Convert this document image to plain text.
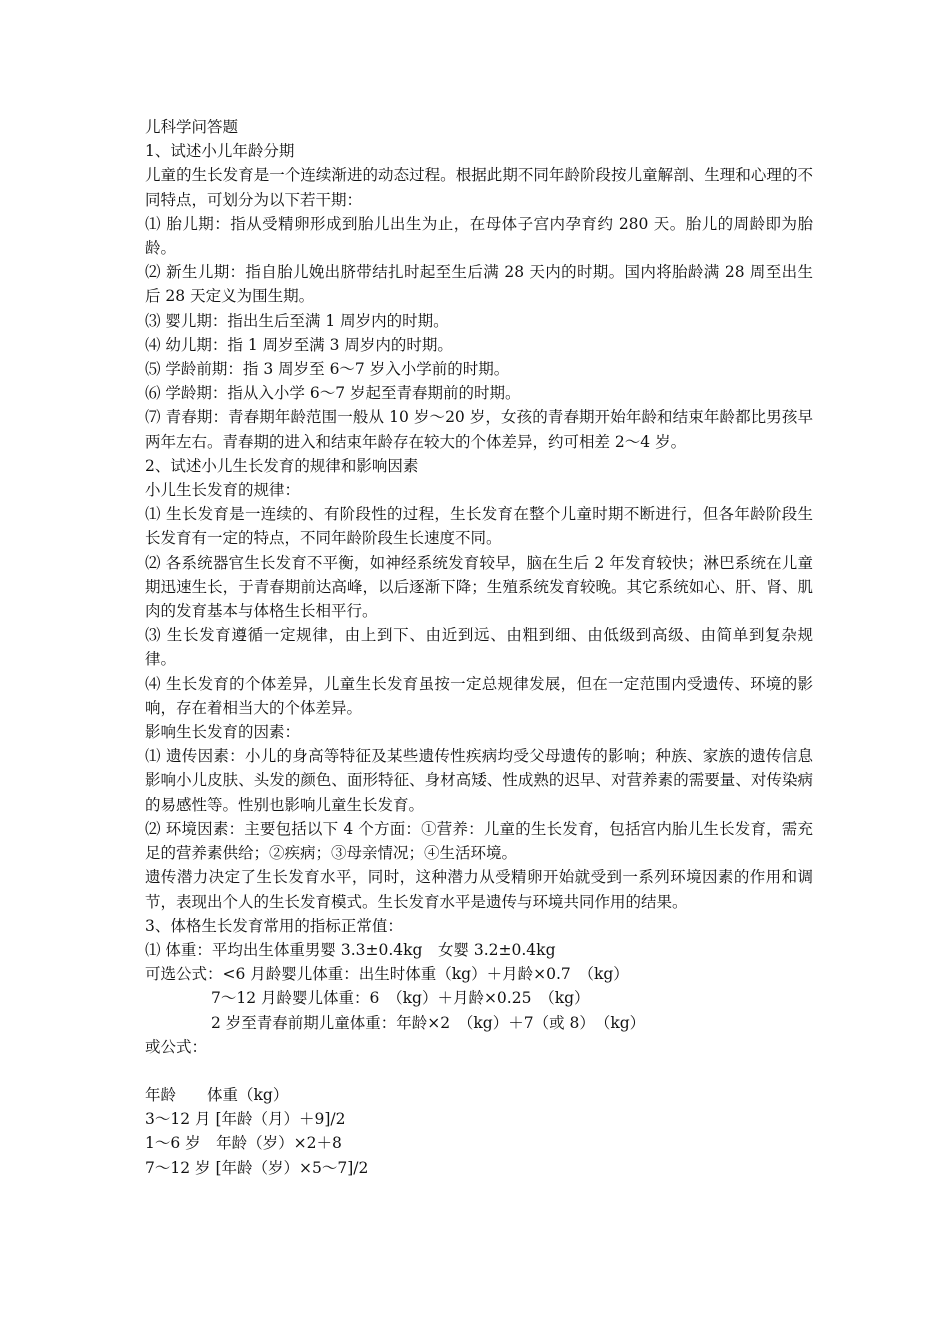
儿科学问答题

1、试述小儿年龄分期

儿童的生长发育是一个连续渐进的动态过程。根据此期不同年龄阶段按儿童解剖、生理和心理的不同特点，可划分为以下若干期：

⑴ 胎儿期：指从受精卵形成到胎儿出生为止，在母体子宫内孕育约 280 天。胎儿的周龄即为胎龄。

⑵ 新生儿期：指自胎儿娩出脐带结扎时起至生后满 28 天内的时期。国内将胎龄满 28 周至出生后 28 天定义为围生期。

⑶ 婴儿期：指出生后至满 1 周岁内的时期。

⑷ 幼儿期：指 1 周岁至满 3 周岁内的时期。

⑸ 学龄前期：指 3 周岁至 6～7 岁入小学前的时期。

⑹ 学龄期：指从入小学 6～7 岁起至青春期前的时期。

⑺ 青春期：青春期年龄范围一般从 10 岁～20 岁，女孩的青春期开始年龄和结束年龄都比男孩早两年左右。青春期的进入和结束年龄存在较大的个体差异，约可相差 2～4 岁。

2、试述小儿生长发育的规律和影响因素

小儿生长发育的规律：

⑴ 生长发育是一连续的、有阶段性的过程，生长发育在整个儿童时期不断进行，但各年龄阶段生长发育有一定的特点，不同年龄阶段生长速度不同。

⑵ 各系统器官生长发育不平衡，如神经系统发育较早，脑在生后 2 年发育较快；淋巴系统在儿童期迅速生长，于青春期前达高峰，以后逐渐下降；生殖系统发育较晚。其它系统如心、肝、肾、肌肉的发育基本与体格生长相平行。

⑶ 生长发育遵循一定规律，由上到下、由近到远、由粗到细、由低级到高级、由简单到复杂规律。

⑷ 生长发育的个体差异，儿童生长发育虽按一定总规律发展，但在一定范围内受遗传、环境的影响，存在着相当大的个体差异。

影响生长发育的因素：

⑴ 遗传因素：小儿的身高等特征及某些遗传性疾病均受父母遗传的影响；种族、家族的遗传信息影响小儿皮肤、头发的颜色、面形特征、身材高矮、性成熟的迟早、对营养素的需要量、对传染病的易感性等。性别也影响儿童生长发育。

⑵ 环境因素：主要包括以下 4 个方面：①营养：儿童的生长发育，包括宫内胎儿生长发育，需充足的营养素供给；②疾病；③母亲情况；④生活环境。

遗传潜力决定了生长发育水平，同时，这种潜力从受精卵开始就受到一系列环境因素的作用和调节，表现出个人的生长发育模式。生长发育水平是遗传与环境共同作用的结果。

3、体格生长发育常用的指标正常值：

⑴ 体重：平均出生体重男婴 3.3±0.4kg　女婴 3.2±0.4kg

可选公式：<6 月龄婴儿体重：出生时体重（kg）＋月龄×0.7　（kg）

7～12 月龄婴儿体重：6　（kg）＋月龄×0.25　（kg）

2 岁至青春前期儿童体重：年龄×2　（kg）＋7（或 8）　（kg）

或公式：

年龄　　体重（kg）

3～12 月 [年龄（月）＋9]/2

1～6 岁　年龄（岁）×2＋8

7～12 岁 [年龄（岁）×5～7]/2
